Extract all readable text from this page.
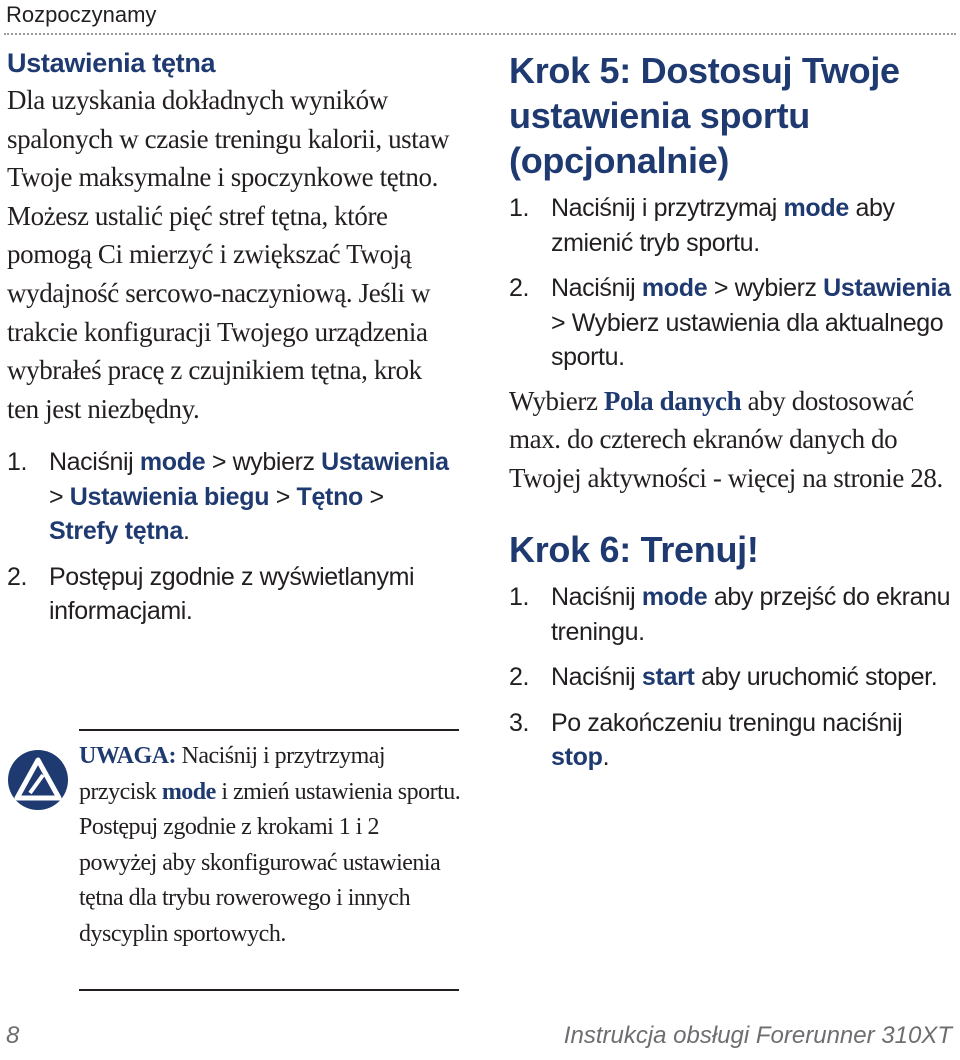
Rozpoczynamy
Ustawienia tętna

Dla uzyskania dokładnych wyników spalonych w czasie treningu kalorii, ustaw Twoje maksymalne i spoczynkowe tętno. Możesz ustalić pięć stref tętna, które pomogą Ci mierzyć i zwiększać Twoją wydajność sercowo-naczyniową. Jeśli w trakcie konfiguracji Twojego urządzenia wybrałeś pracę z czujnikiem tętna, krok ten jest niezbędny.

1. Naciśnij mode > wybierz Ustawienia > Ustawienia biegu > Tętno > Strefy tętna.
2. Postępuj zgodnie z wyświetlanymi informacjami.

UWAGA: Naciśnij i przytrzymaj przycisk mode i zmień ustawienia sportu. Postępuj zgodnie z krokami 1 i 2 powyżej aby skonfigurować ustawienia tętna dla trybu rowerowego i innych dyscyplin sportowych.

Krok 5: Dostosuj Twoje ustawienia sportu (opcjonalnie)
1. Naciśnij i przytrzymaj mode aby zmienić tryb sportu.
2. Naciśnij mode > wybierz Ustawienia > Wybierz ustawienia dla aktualnego sportu.

Wybierz Pola danych aby dostosować max. do czterech ekranów danych do Twojej aktywności - więcej na stronie 28.

Krok 6: Trenuj!
1. Naciśnij mode aby przejść do ekranu treningu.
2. Naciśnij start aby uruchomić stoper.
3. Po zakończeniu treningu naciśnij stop.
8	Instrukcja obsługi Forerunner 310XT
